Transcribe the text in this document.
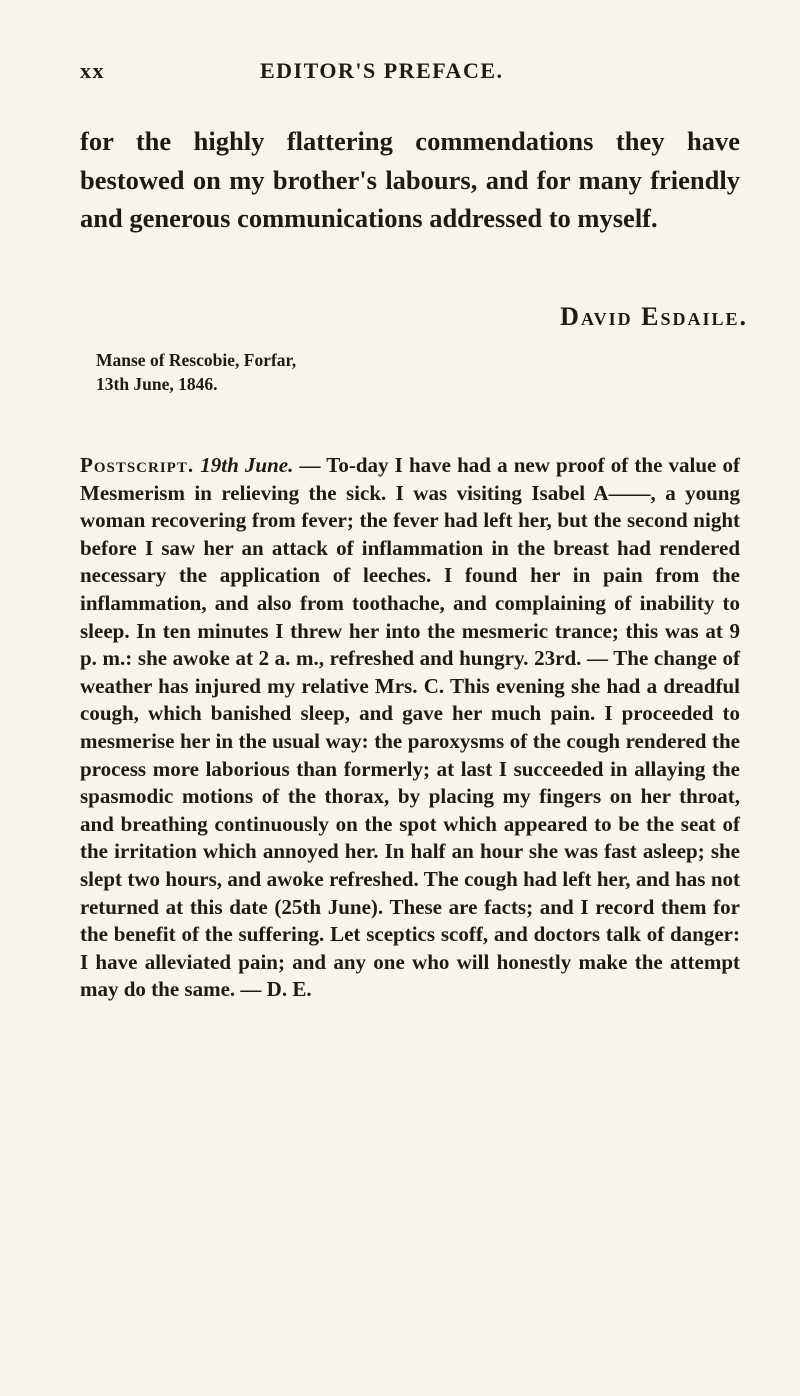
xx	EDITOR'S PREFACE.

for the highly flattering commendations they have bestowed on my brother's labours, and for many friendly and generous communications addressed to myself.

David Esdaile.
Manse of Rescobie, Forfar,
13th June, 1846.

Postscript. 19th June. — To-day I have had a new proof of the value of Mesmerism in relieving the sick. I was visiting Isabel A——, a young woman recovering from fever; the fever had left her, but the second night before I saw her an attack of inflammation in the breast had rendered necessary the application of leeches. I found her in pain from the inflammation, and also from toothache, and complaining of inability to sleep. In ten minutes I threw her into the mesmeric trance; this was at 9 p. m.: she awoke at 2 a. m., refreshed and hungry. 23rd. — The change of weather has injured my relative Mrs. C. This evening she had a dreadful cough, which banished sleep, and gave her much pain. I proceeded to mesmerise her in the usual way: the paroxysms of the cough rendered the process more laborious than formerly; at last I succeeded in allaying the spasmodic motions of the thorax, by placing my fingers on her throat, and breathing continuously on the spot which appeared to be the seat of the irritation which annoyed her. In half an hour she was fast asleep; she slept two hours, and awoke refreshed. The cough had left her, and has not returned at this date (25th June). These are facts; and I record them for the benefit of the suffering. Let sceptics scoff, and doctors talk of danger: I have alleviated pain; and any one who will honestly make the attempt may do the same. — D. E.
